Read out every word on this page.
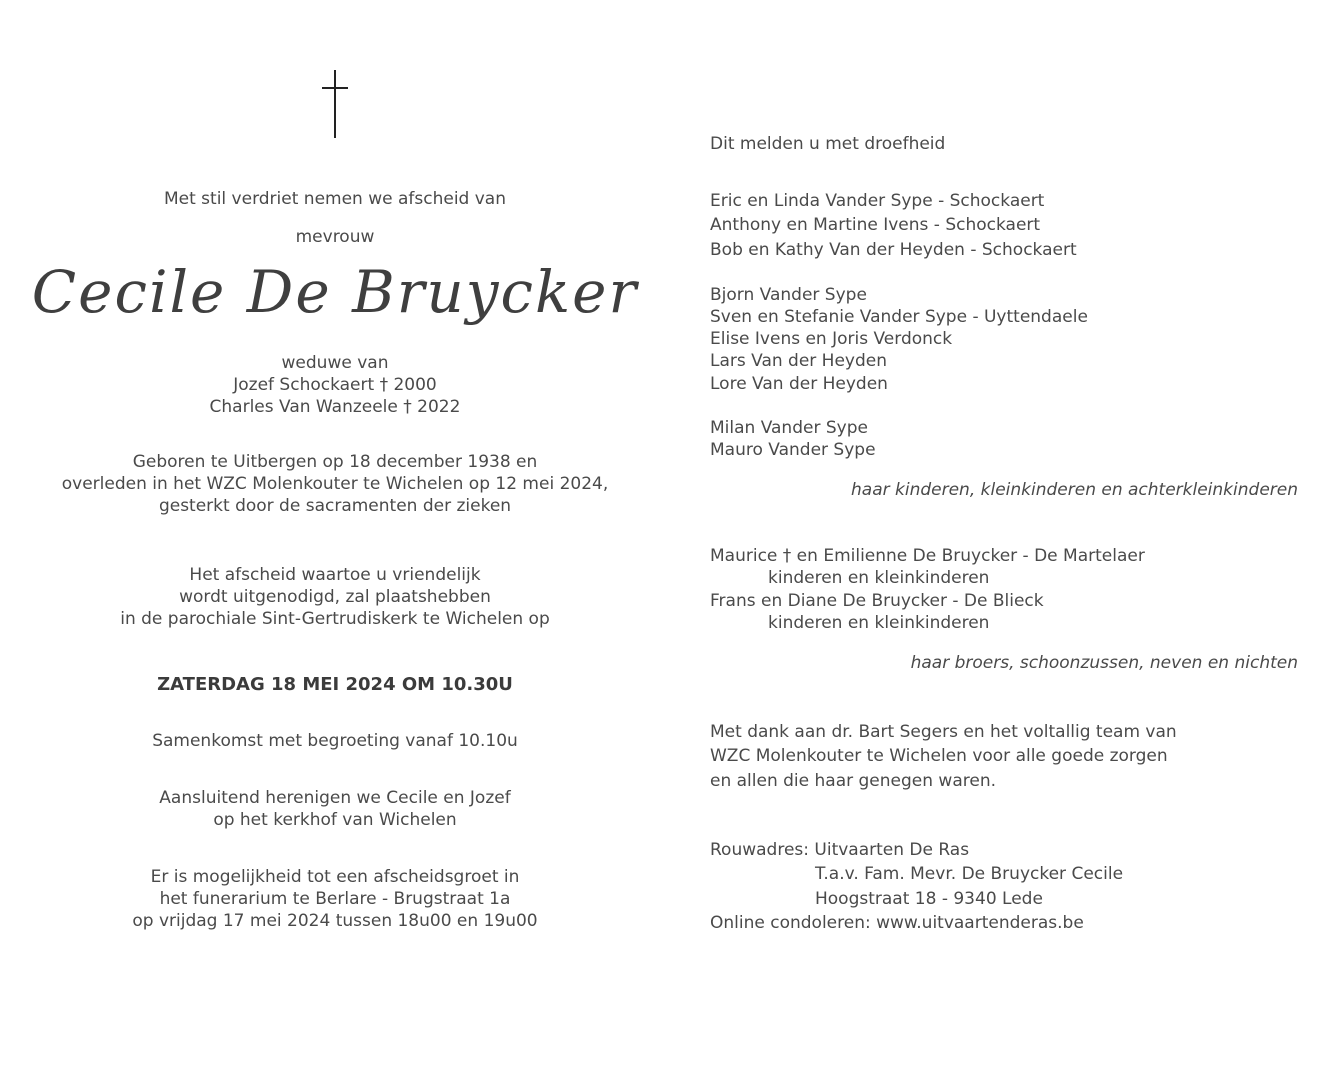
Met stil verdriet nemen we afscheid van
mevrouw
Cecile De Bruycker
weduwe van
Jozef Schockaert † 2000
Charles Van Wanzeele † 2022
Geboren te Uitbergen op 18 december 1938 en
overleden in het WZC Molenkouter te Wichelen op 12 mei 2024,
gesterkt door de sacramenten der zieken
Het afscheid waartoe u vriendelijk
wordt uitgenodigd, zal plaatshebben
in de parochiale Sint-Gertrudiskerk te Wichelen op
ZATERDAG 18 MEI 2024 OM 10.30U
Samenkomst met begroeting vanaf 10.10u
Aansluitend herenigen we Cecile en Jozef
op het kerkhof van Wichelen
Er is mogelijkheid tot een afscheidsgroet in
het funerarium te Berlare - Brugstraat 1a
op vrijdag 17 mei 2024 tussen 18u00 en 19u00
Dit melden u met droefheid
Eric en Linda Vander Sype - Schockaert
Anthony en Martine Ivens - Schockaert
Bob en Kathy Van der Heyden - Schockaert
Bjorn Vander Sype
Sven en Stefanie Vander Sype - Uyttendaele
Elise Ivens en Joris Verdonck
Lars Van der Heyden
Lore Van der Heyden
Milan Vander Sype
Mauro Vander Sype
haar kinderen, kleinkinderen en achterkleinkinderen
Maurice † en Emilienne De Bruycker - De Martelaer
kinderen en kleinkinderen
Frans en Diane De Bruycker - De Blieck
kinderen en kleinkinderen
haar broers, schoonzussen, neven en nichten
Met dank aan dr. Bart Segers en het voltallig team van
WZC Molenkouter te Wichelen voor alle goede zorgen
en allen die haar genegen waren.
Rouwadres: Uitvaarten De Ras
T.a.v. Fam. Mevr. De Bruycker Cecile
Hoogstraat 18 - 9340 Lede
Online condoleren: www.uitvaartenderas.be
